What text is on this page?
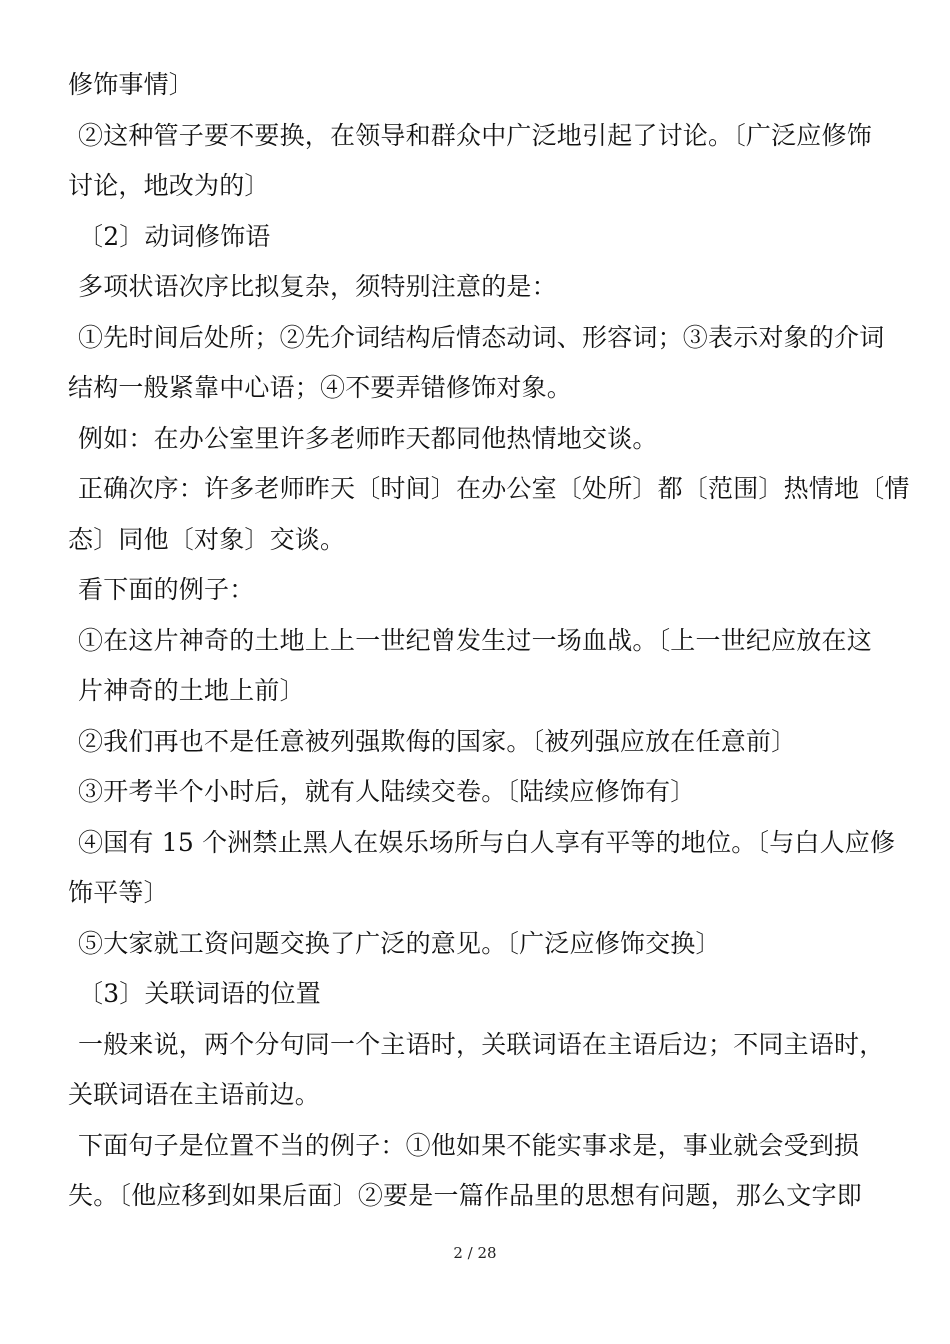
修饰事情〕
②这种管子要不要换，在领导和群众中广泛地引起了讨论。〔广泛应修饰
讨论，地改为的〕
〔2〕动词修饰语
多项状语次序比拟复杂，须特别注意的是：
①先时间后处所；②先介词结构后情态动词、形容词；③表示对象的介词
结构一般紧靠中心语；④不要弄错修饰对象。
例如：在办公室里许多老师昨天都同他热情地交谈。
正确次序：许多老师昨天〔时间〕在办公室〔处所〕都〔范围〕热情地〔情
态〕同他〔对象〕交谈。
看下面的例子：
①在这片神奇的土地上上一世纪曾发生过一场血战。〔上一世纪应放在这
片神奇的土地上前〕
②我们再也不是任意被列强欺侮的国家。〔被列强应放在任意前〕
③开考半个小时后，就有人陆续交卷。〔陆续应修饰有〕
④国有 15 个洲禁止黑人在娱乐场所与白人享有平等的地位。〔与白人应修
饰平等〕
⑤大家就工资问题交换了广泛的意见。〔广泛应修饰交换〕
〔3〕关联词语的位置
一般来说，两个分句同一个主语时，关联词语在主语后边；不同主语时，
关联词语在主语前边。
下面句子是位置不当的例子：①他如果不能实事求是，事业就会受到损
失。〔他应移到如果后面〕②要是一篇作品里的思想有问题，那么文字即
2 / 28
